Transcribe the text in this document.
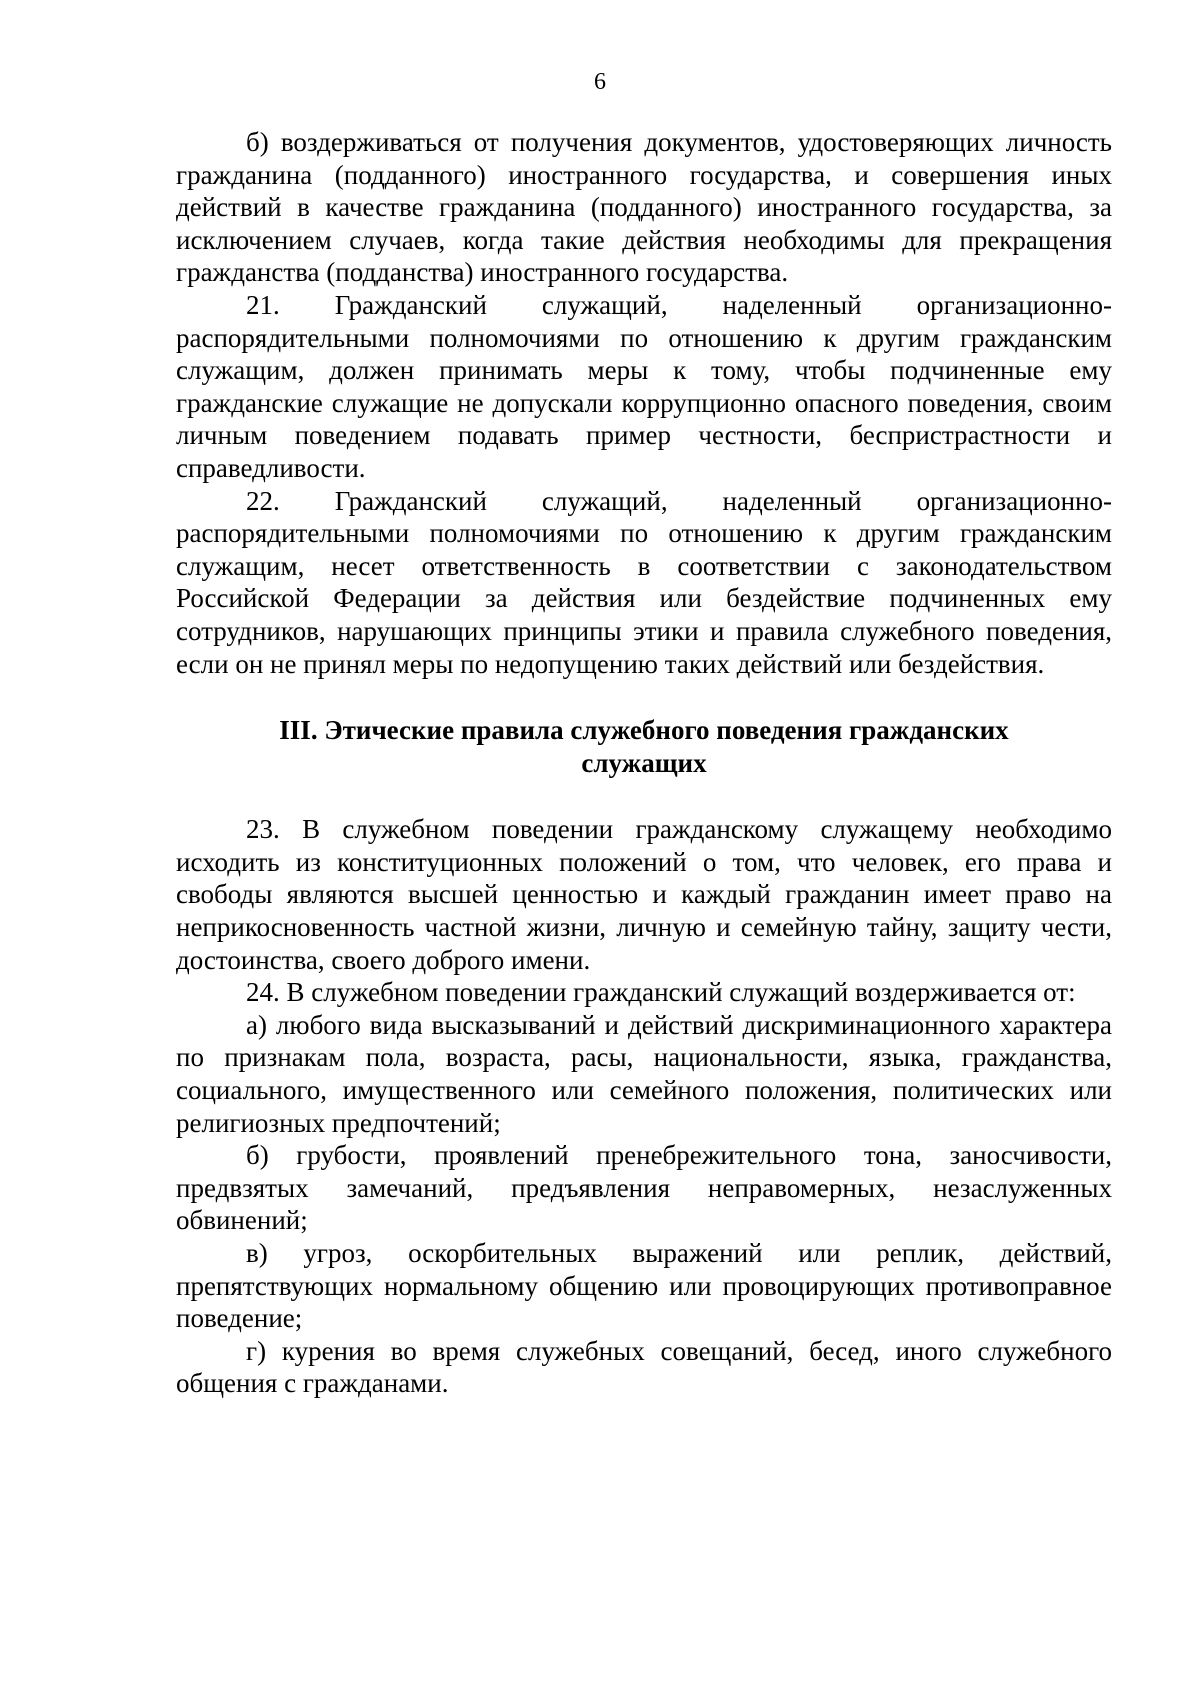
6

б) воздерживаться от получения документов, удостоверяющих личность гражданина (подданного) иностранного государства, и совершения иных действий в качестве гражданина (подданного) иностранного государства, за исключением случаев, когда такие действия необходимы для прекращения гражданства (подданства) иностранного государства.

21. Гражданский служащий, наделенный организационно-распорядительными полномочиями по отношению к другим гражданским служащим, должен принимать меры к тому, чтобы подчиненные ему гражданские служащие не допускали коррупционно опасного поведения, своим личным поведением подавать пример честности, беспристрастности и справедливости.

22. Гражданский служащий, наделенный организационно-распорядительными полномочиями по отношению к другим гражданским служащим, несет ответственность в соответствии с законодательством Российской Федерации за действия или бездействие подчиненных ему сотрудников, нарушающих принципы этики и правила служебного поведения, если он не принял меры по недопущению таких действий или бездействия.

III. Этические правила служебного поведения гражданских служащих

23. В служебном поведении гражданскому служащему необходимо исходить из конституционных положений о том, что человек, его права и свободы являются высшей ценностью и каждый гражданин имеет право на неприкосновенность частной жизни, личную и семейную тайну, защиту чести, достоинства, своего доброго имени.

24. В служебном поведении гражданский служащий воздерживается от:

а) любого вида высказываний и действий дискриминационного характера по признакам пола, возраста, расы, национальности, языка, гражданства, социального, имущественного или семейного положения, политических или религиозных предпочтений;

б) грубости, проявлений пренебрежительного тона, заносчивости, предвзятых замечаний, предъявления неправомерных, незаслуженных обвинений;

в) угроз, оскорбительных выражений или реплик, действий, препятствующих нормальному общению или провоцирующих противоправное поведение;

г) курения во время служебных совещаний, бесед, иного служебного общения с гражданами.
